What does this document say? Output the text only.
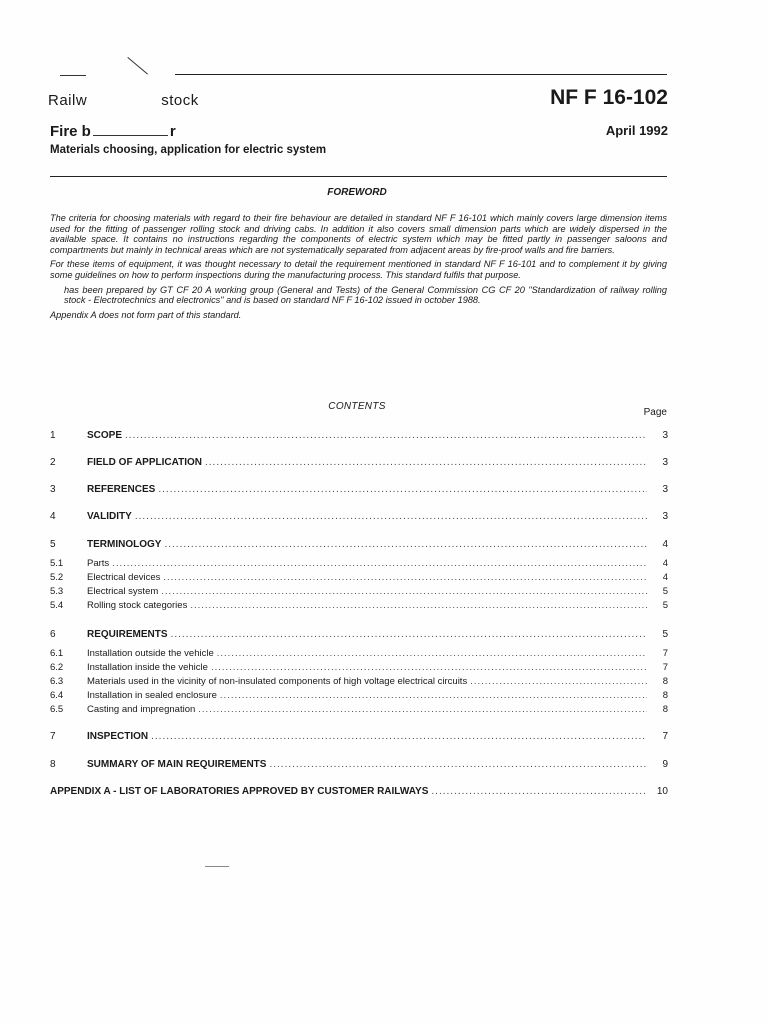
Railw	stock	NF F 16-102
Fire b	r	April 1992
Materials choosing, application for electric system
FOREWORD

The criteria for choosing materials with regard to their fire behaviour are detailed in standard NF F 16-101 which mainly covers large dimension items used for the fitting of passenger rolling stock and driving cabs. In addition it also covers small dimension parts which are widely dispersed in the available space. It contains no instructions regarding the components of electric system which may be fitted partly in passenger saloons and compartments but mainly in technical areas which are not systematically separated from adjacent areas by fire-proof walls and fire barriers.

For these items of equipment, it was thought necessary to detail the requirement mentioned in standard NF F 16-101 and to complement it by giving some guidelines on how to perform inspections during the manufacturing process. This standard fulfils that purpose.

has been prepared by GT CF 20 A working group (General and Tests) of the General Commission CG CF 20 "Standardization of railway rolling stock - Electrotechnics and electronics" and is based on standard NF F 16-102 issued in october 1988.

Appendix A does not form part of this standard.

CONTENTS
Page
1	SCOPE .....	3
2	FIELD OF APPLICATION .....	3
3	REFERENCES .....	3
4	VALIDITY .....	3
5	TERMINOLOGY .....	4
5.1	Parts .....	4
5.2	Electrical devices .....	4
5.3	Electrical system .....	5
5.4	Rolling stock categories .....	5
6	REQUIREMENTS .....	5
6.1	Installation outside the vehicle .....	7
6.2	Installation inside the vehicle .....	7
6.3	Materials used in the vicinity of non-insulated components of high voltage electrical circuits .....	8
6.4	Installation in sealed enclosure .....	8
6.5	Casting and impregnation .....	8
7	INSPECTION .....	7
8	SUMMARY OF MAIN REQUIREMENTS .....	9
APPENDIX A - LIST OF LABORATORIES APPROVED BY CUSTOMER RAILWAYS .....	10
